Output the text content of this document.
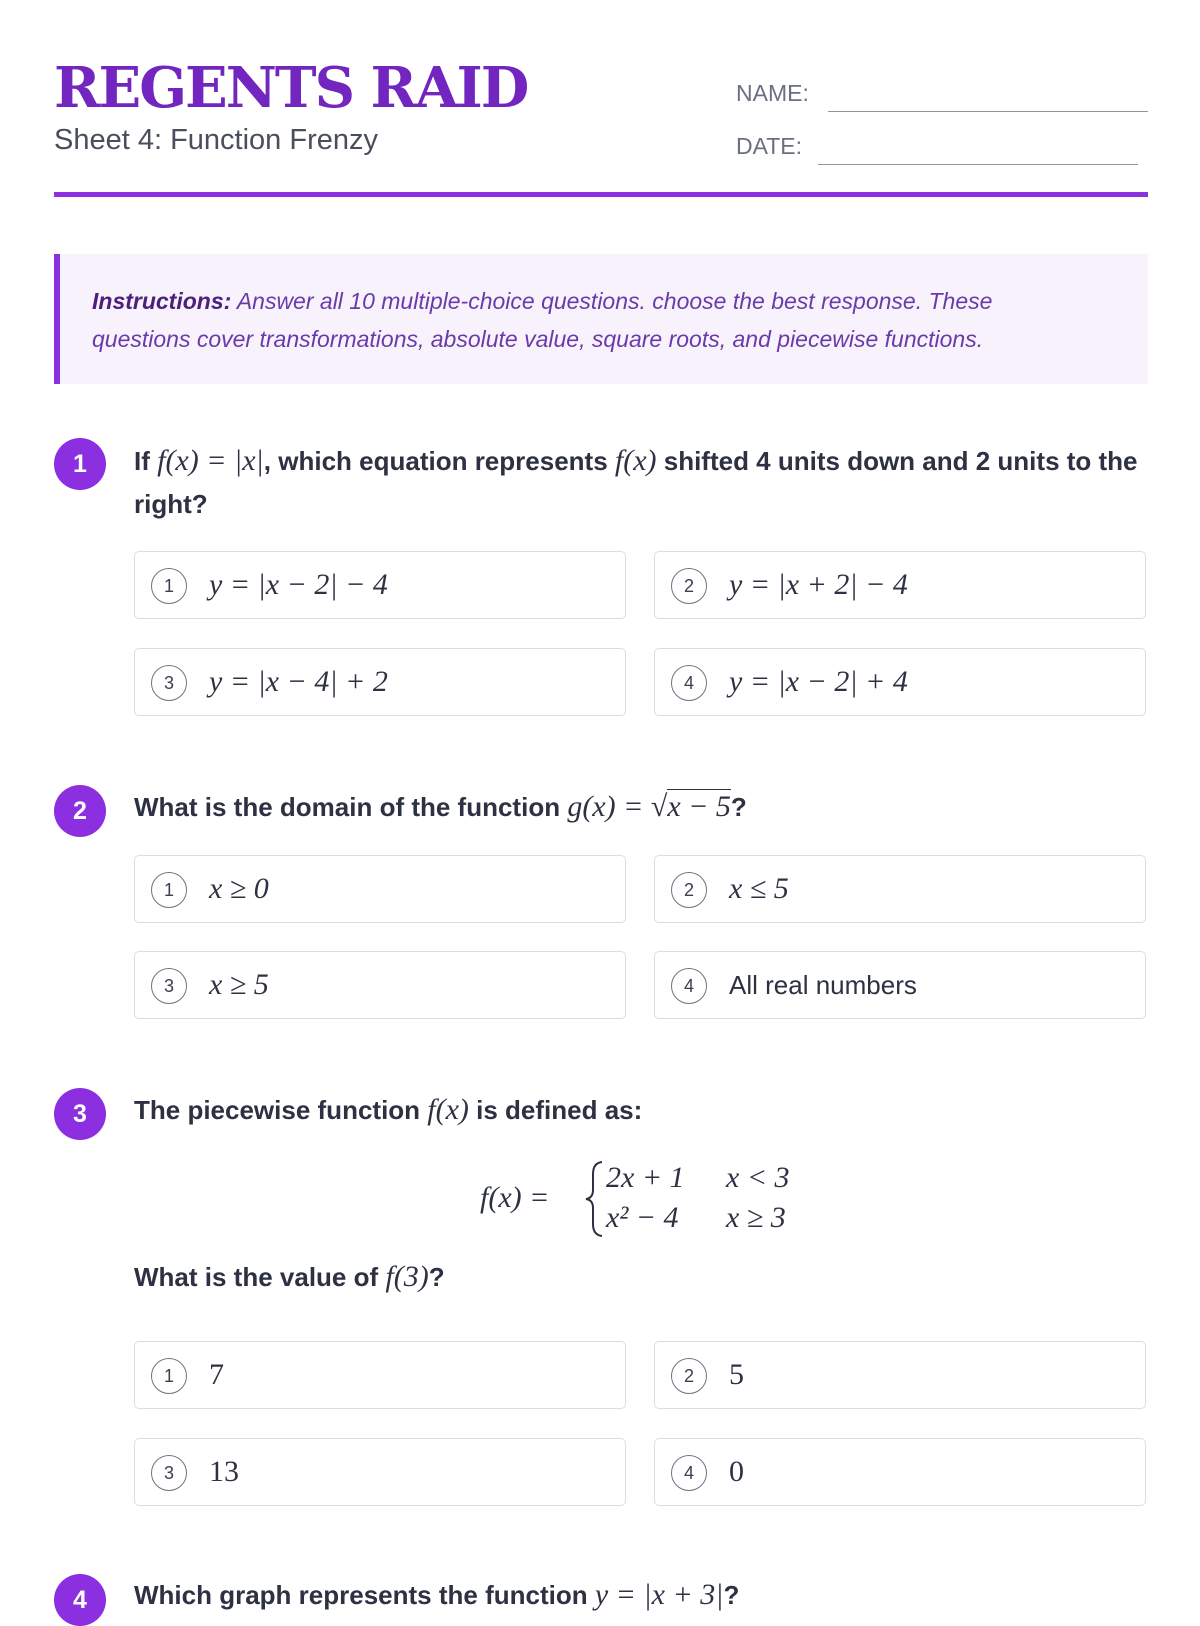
REGENTS RAID
Sheet 4: Function Frenzy
NAME:
DATE:

Instructions: Answer all 10 multiple-choice questions. choose the best response. These questions cover transformations, absolute value, square roots, and piecewise functions.

1	If f(x) = |x|, which equation represents f(x) shifted 4 units down and 2 units to the right?
1	y = |x − 2| − 4	2	y = |x + 2| − 4
3	y = |x − 4| + 2	4	y = |x − 2| + 4
2	What is the domain of the function g(x) = √x − 5?
1	x ≥ 0	2	x ≤ 5
3	x ≥ 5	4	All real numbers
3	The piecewise function f(x) is defined as:
f(x) =
2x + 1 x < 3
x² − 4 x ≥ 3
What is the value of f(3)?
1	7	2	5
3	13	4	0
4	Which graph represents the function y = |x + 3|?
